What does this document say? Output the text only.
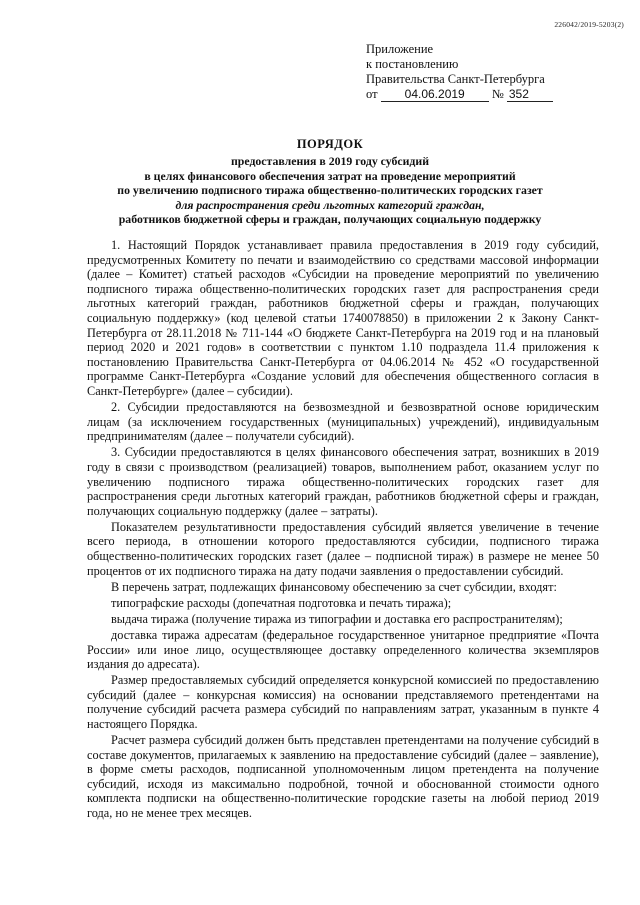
226042/2019-5203(2)
Приложение
к постановлению
Правительства Санкт-Петербурга
от 04.06.2019 № 352
ПОРЯДОК
предоставления в 2019 году субсидий
в целях финансового обеспечения затрат на проведение мероприятий
по увеличению подписного тиража общественно-политических городских газет
для распространения среди льготных категорий граждан,
работников бюджетной сферы и граждан, получающих социальную поддержку

1. Настоящий Порядок устанавливает правила предоставления в 2019 году субсидий, предусмотренных Комитету по печати и взаимодействию со средствами массовой информации (далее – Комитет) статьей расходов «Субсидии на проведение мероприятий по увеличению подписного тиража общественно-политических городских газет для распространения среди льготных категорий граждан, работников бюджетной сферы и граждан, получающих социальную поддержку» (код целевой статьи 1740078850) в приложении 2 к Закону Санкт-Петербурга от 28.11.2018 № 711-144 «О бюджете Санкт-Петербурга на 2019 год и на плановый период 2020 и 2021 годов» в соответствии с пунктом 1.10 подраздела 11.4 приложения к постановлению Правительства Санкт-Петербурга от 04.06.2014 № 452 «О государственной программе Санкт-Петербурга «Создание условий для обеспечения общественного согласия в Санкт-Петербурге» (далее – субсидии).

2. Субсидии предоставляются на безвозмездной и безвозвратной основе юридическим лицам (за исключением государственных (муниципальных) учреждений), индивидуальным предпринимателям (далее – получатели субсидий).

3. Субсидии предоставляются в целях финансового обеспечения затрат, возникших в 2019 году в связи с производством (реализацией) товаров, выполнением работ, оказанием услуг по увеличению подписного тиража общественно-политических городских газет для распространения среди льготных категорий граждан, работников бюджетной сферы и граждан, получающих социальную поддержку (далее – затраты).

Показателем результативности предоставления субсидий является увеличение в течение всего периода, в отношении которого предоставляются субсидии, подписного тиража общественно-политических городских газет (далее – подписной тираж) в размере не менее 50 процентов от их подписного тиража на дату подачи заявления о предоставлении субсидий.

В перечень затрат, подлежащих финансовому обеспечению за счет субсидии, входят:

типографские расходы (допечатная подготовка и печать тиража);

выдача тиража (получение тиража из типографии и доставка его распространителям);

доставка тиража адресатам (федеральное государственное унитарное предприятие «Почта России» или иное лицо, осуществляющее доставку определенного количества экземпляров издания до адресата).

Размер предоставляемых субсидий определяется конкурсной комиссией по предоставлению субсидий (далее – конкурсная комиссия) на основании представляемого претендентами на получение субсидий расчета размера субсидий по направлениям затрат, указанным в пункте 4 настоящего Порядка.

Расчет размера субсидий должен быть представлен претендентами на получение субсидий в составе документов, прилагаемых к заявлению на предоставление субсидий (далее – заявление), в форме сметы расходов, подписанной уполномоченным лицом претендента на получение субсидий, исходя из максимально подробной, точной и обоснованной стоимости одного комплекта подписки на общественно-политические городские газеты на любой период 2019 года, но не менее трех месяцев.
